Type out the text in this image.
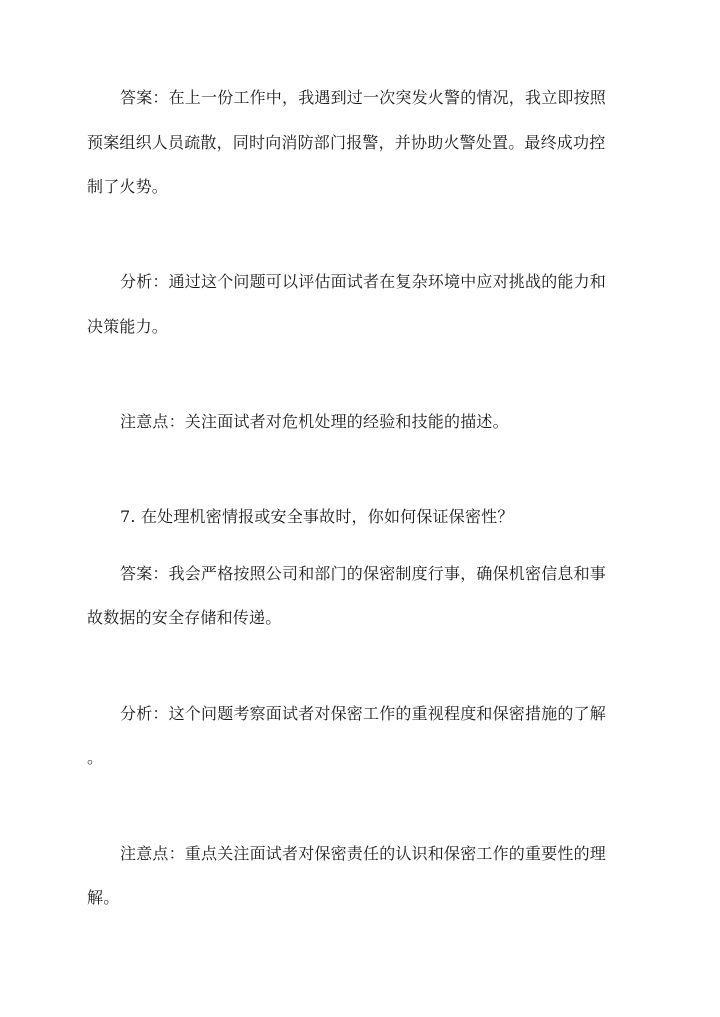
答案：在上一份工作中，我遇到过一次突发火警的情况，我立即按照
预案组织人员疏散，同时向消防部门报警，并协助火警处置。最终成功控
制了火势。
分析：通过这个问题可以评估面试者在复杂环境中应对挑战的能力和
决策能力。
注意点：关注面试者对危机处理的经验和技能的描述。
7. 在处理机密情报或安全事故时，你如何保证保密性？
答案：我会严格按照公司和部门的保密制度行事，确保机密信息和事
故数据的安全存储和传递。
分析：这个问题考察面试者对保密工作的重视程度和保密措施的了解
。
注意点：重点关注面试者对保密责任的认识和保密工作的重要性的理
解。
